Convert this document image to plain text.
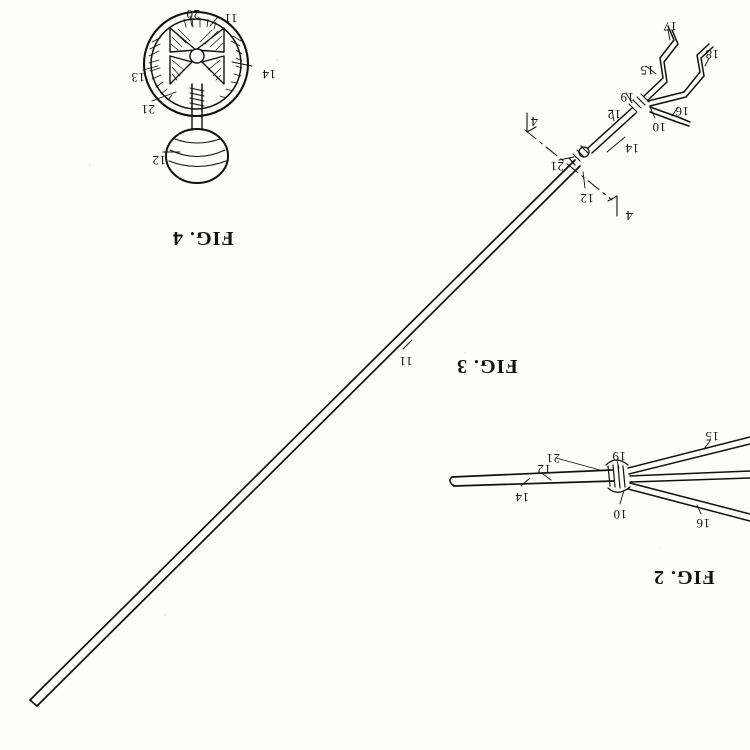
11
20
14
13
21
12
11
14
12
21
12
19
10
16
15
17
18
14
12
21	19
10
15
16
4
4
FIG. 4
FIG. 3
FIG. 2
